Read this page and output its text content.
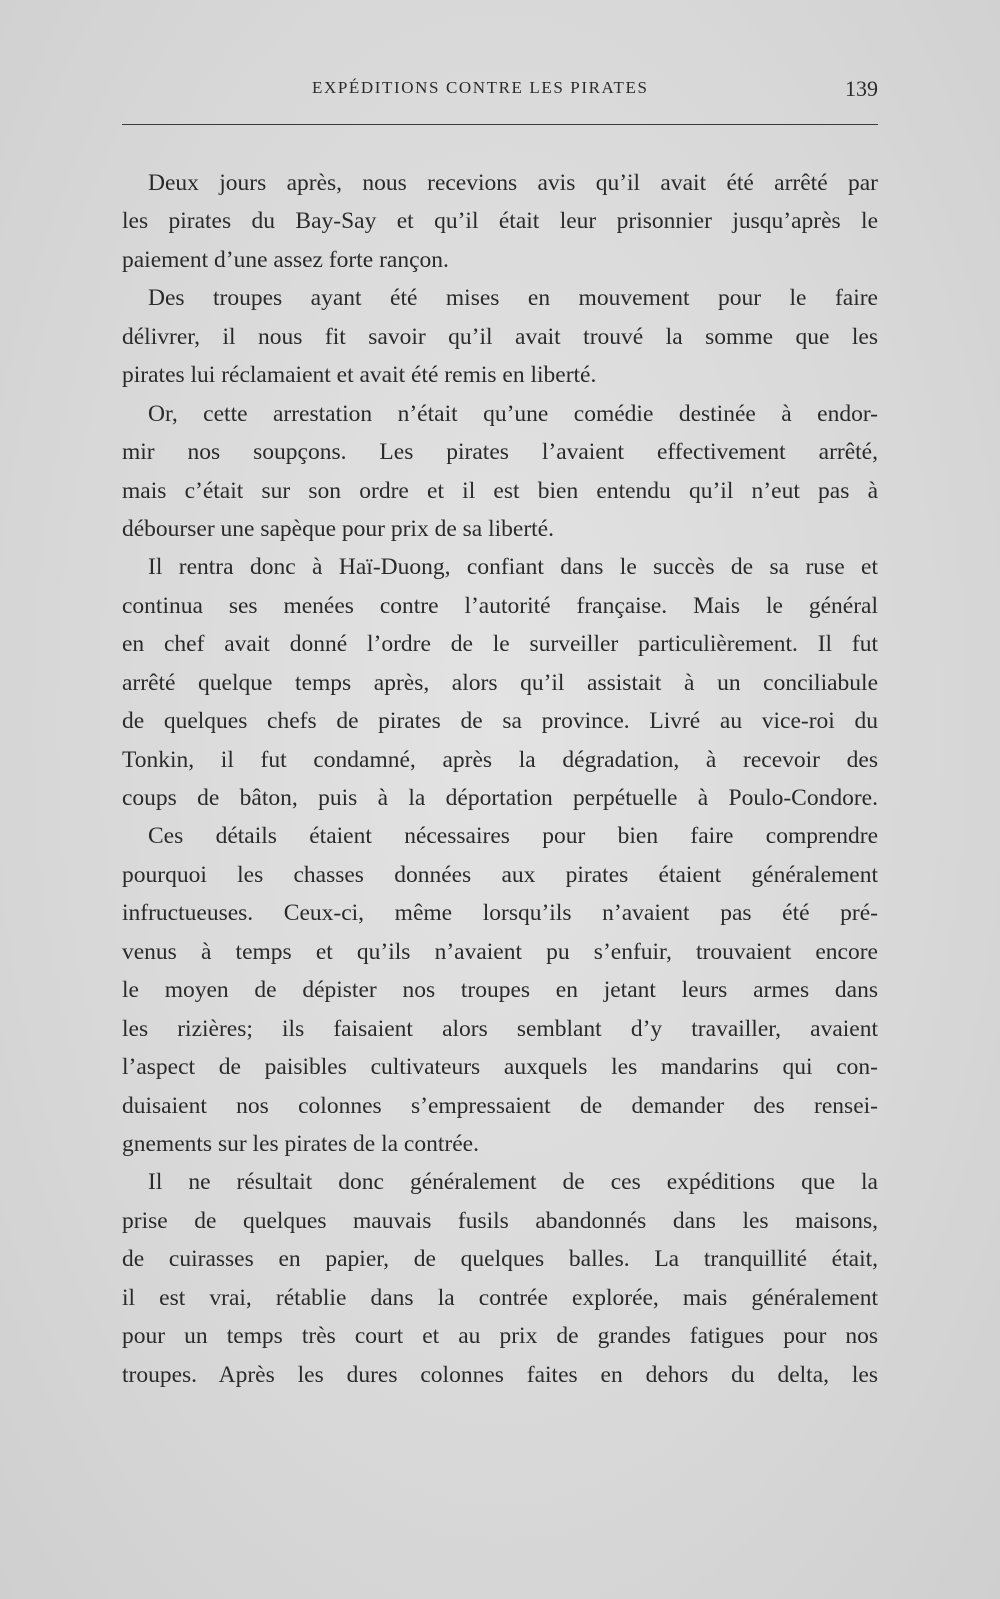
EXPÉDITIONS CONTRE LES PIRATES	139
Deux jours après, nous recevions avis qu’il avait été arrêté par
les pirates du Bay-Say et qu’il était leur prisonnier jusqu’après le
paiement d’une assez forte rançon.
Des troupes ayant été mises en mouvement pour le faire
délivrer, il nous fit savoir qu’il avait trouvé la somme que les
pirates lui réclamaient et avait été remis en liberté.
Or, cette arrestation n’était qu’une comédie destinée à endor-
mir nos soupçons. Les pirates l’avaient effectivement arrêté,
mais c’était sur son ordre et il est bien entendu qu’il n’eut pas à
débourser une sapèque pour prix de sa liberté.
Il rentra donc à Haï-Duong, confiant dans le succès de sa ruse et
continua ses menées contre l’autorité française. Mais le général
en chef avait donné l’ordre de le surveiller particulièrement. Il fut
arrêté quelque temps après, alors qu’il assistait à un conciliabule
de quelques chefs de pirates de sa province. Livré au vice-roi du
Tonkin, il fut condamné, après la dégradation, à recevoir des
coups de bâton, puis à la déportation perpétuelle à Poulo-Condore.
Ces détails étaient nécessaires pour bien faire comprendre
pourquoi les chasses données aux pirates étaient généralement
infructueuses. Ceux-ci, même lorsqu’ils n’avaient pas été pré-
venus à temps et qu’ils n’avaient pu s’enfuir, trouvaient encore
le moyen de dépister nos troupes en jetant leurs armes dans
les rizières; ils faisaient alors semblant d’y travailler, avaient
l’aspect de paisibles cultivateurs auxquels les mandarins qui con-
duisaient nos colonnes s’empressaient de demander des rensei-
gnements sur les pirates de la contrée.
Il ne résultait donc généralement de ces expéditions que la
prise de quelques mauvais fusils abandonnés dans les maisons,
de cuirasses en papier, de quelques balles. La tranquillité était,
il est vrai, rétablie dans la contrée explorée, mais généralement
pour un temps très court et au prix de grandes fatigues pour nos
troupes. Après les dures colonnes faites en dehors du delta, les
